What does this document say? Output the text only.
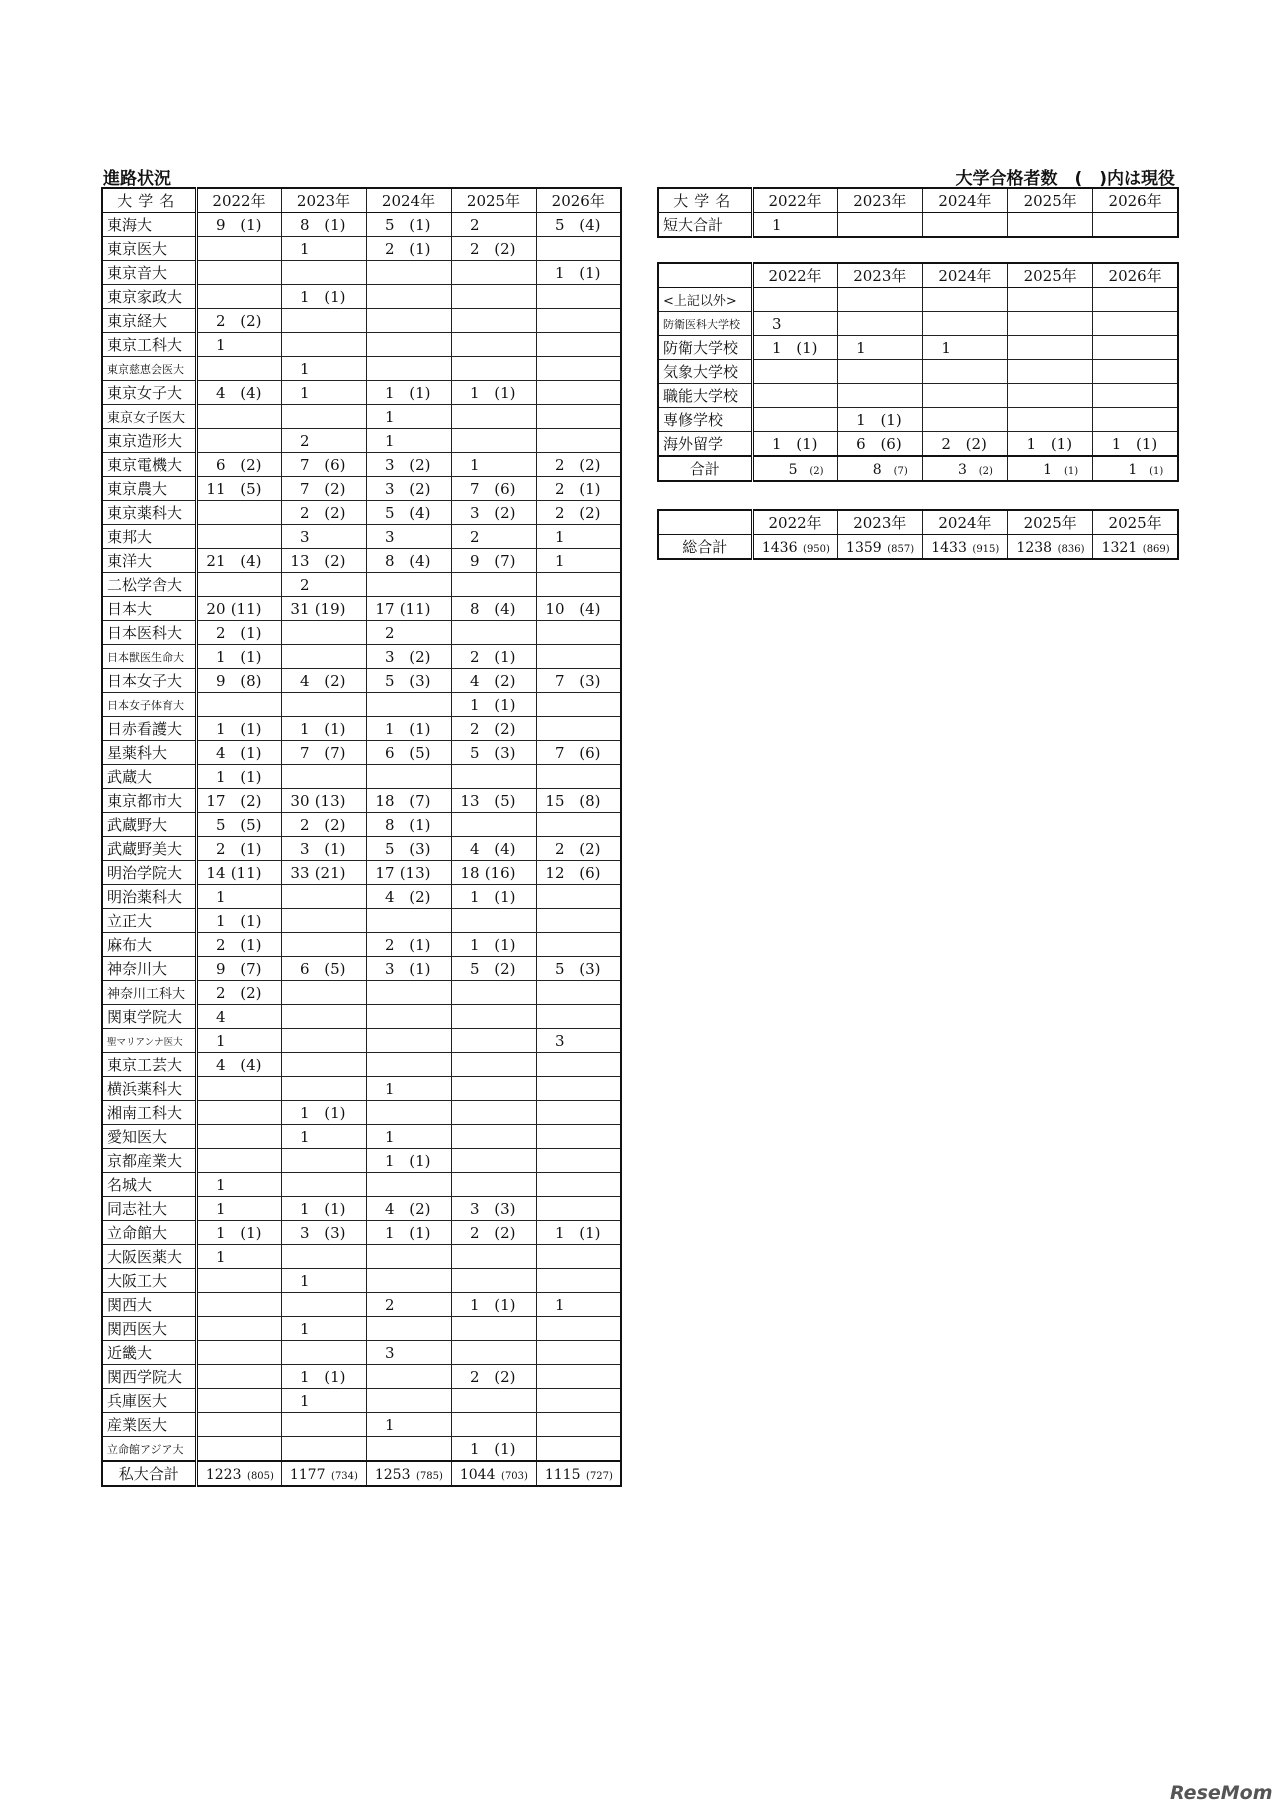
進路状況	大学合格者数　(　)内は現役
大学名	2022年	2023年	2024年	2025年	2026年
東海大	9 (1)	8 (1)	5 (1)	2	5 (4)
東京医大		1	2 (1)	2 (2)	
東京音大					1 (1)
東京家政大		1 (1)			
東京経大	2 (2)				
東京工科大	1				
東京慈恵会医大		1			
東京女子大	4 (4)	1	1 (1)	1 (1)	
東京女子医大			1		
東京造形大		2	1		
東京電機大	6 (2)	7 (6)	3 (2)	1	2 (2)
東京農大	11 (5)	7 (2)	3 (2)	7 (6)	2 (1)
東京薬科大		2 (2)	5 (4)	3 (2)	2 (2)
東邦大		3	3	2	1
東洋大	21 (4)	13 (2)	8 (4)	9 (7)	1
二松学舎大		2			
日本大	20 (11)	31 (19)	17 (11)	8 (4)	10 (4)
日本医科大	2 (1)		2		
日本獣医生命大	1 (1)		3 (2)	2 (1)	
日本女子大	9 (8)	4 (2)	5 (3)	4 (2)	7 (3)
日本女子体育大				1 (1)	
日赤看護大	1 (1)	1 (1)	1 (1)	2 (2)	
星薬科大	4 (1)	7 (7)	6 (5)	5 (3)	7 (6)
武蔵大	1 (1)				
東京都市大	17 (2)	30 (13)	18 (7)	13 (5)	15 (8)
武蔵野大	5 (5)	2 (2)	8 (1)		
武蔵野美大	2 (1)	3 (1)	5 (3)	4 (4)	2 (2)
明治学院大	14 (11)	33 (21)	17 (13)	18 (16)	12 (6)
明治薬科大	1		4 (2)	1 (1)	
立正大	1 (1)				
麻布大	2 (1)		2 (1)	1 (1)	
神奈川大	9 (7)	6 (5)	3 (1)	5 (2)	5 (3)
神奈川工科大	2 (2)				
関東学院大	4				
聖マリアンナ医大	1				3
東京工芸大	4 (4)				
横浜薬科大			1		
湘南工科大		1 (1)			
愛知医大		1	1		
京都産業大			1 (1)		
名城大	1				
同志社大	1	1 (1)	4 (2)	3 (3)	
立命館大	1 (1)	3 (3)	1 (1)	2 (2)	1 (1)
大阪医薬大	1				
大阪工大		1			
関西大			2	1 (1)	1
関西医大		1			
近畿大			3		
関西学院大		1 (1)		2 (2)	
兵庫医大		1			
産業医大			1		
立命館アジア大				1 (1)	
私大合計	1223 (805)	1177 (734)	1253 (785)	1044 (703)	1115 (727)
大学名	2022年	2023年	2024年	2025年	2026年
短大合計	1				
	2022年	2023年	2024年	2025年	2026年
<上記以外>					
防衛医科大学校	3				
防衛大学校	1 (1)	1	1		
気象大学校					
職能大学校					
専修学校		1 (1)			
海外留学	1 (1)	6 (6)	2 (2)	1 (1)	1 (1)
合計	5 (2)	8 (7)	3 (2)	1 (1)	1 (1)
	2022年	2023年	2024年	2025年	2025年
総合計	1436 (950)	1359 (857)	1433 (915)	1238 (836)	1321 (869)
ReseMom
